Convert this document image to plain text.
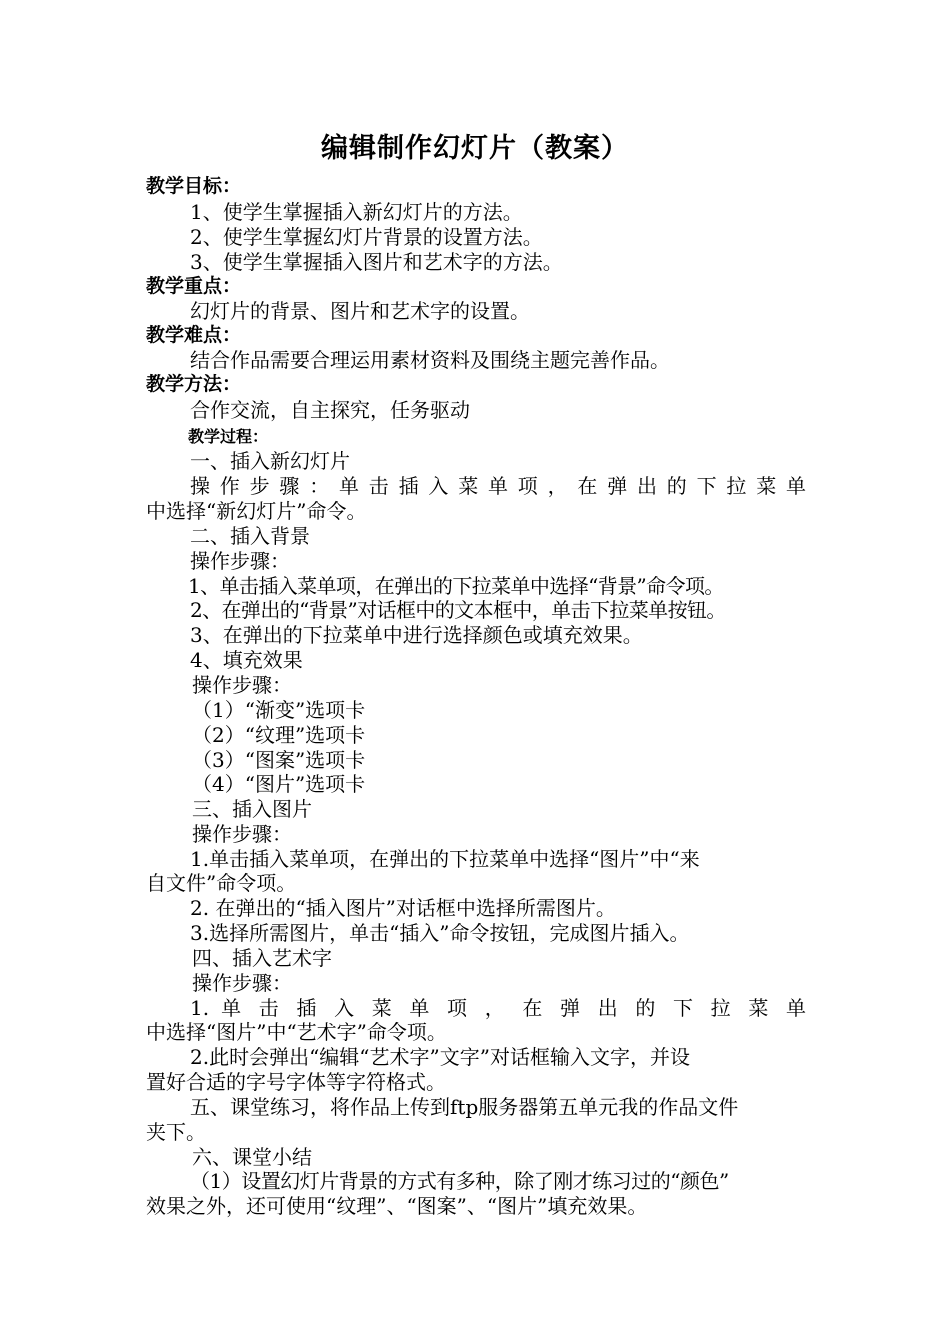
编辑制作幻灯片（教案）
教学目标：
1、使学生掌握插入新幻灯片的方法。
2、使学生掌握幻灯片背景的设置方法。
3、使学生掌握插入图片和艺术字的方法。
教学重点：
幻灯片的背景、图片和艺术字的设置。
教学难点：
结合作品需要合理运用素材资料及围绕主题完善作品。
教学方法：
合作交流，自主探究，任务驱动
教学过程：
一、插入新幻灯片
操 作 步 骤 ： 单 击 插 入 菜 单 项 ， 在 弹 出 的 下 拉 菜 单
中选择“新幻灯片”命令。
二、插入背景
操作步骤：
1、单击插入菜单项，在弹出的下拉菜单中选择“背景”命令项。
2、在弹出的“背景”对话框中的文本框中，单击下拉菜单按钮。
3、在弹出的下拉菜单中进行选择颜色或填充效果。
4、填充效果
操作步骤：
（1）“渐变”选项卡
（2）“纹理”选项卡
（3）“图案”选项卡
（4）“图片”选项卡
三、插入图片
操作步骤：
1.单击插入菜单项，在弹出的下拉菜单中选择“图片”中“来
自文件”命令项。
2. 在弹出的“插入图片”对话框中选择所需图片。
3.选择所需图片，单击“插入”命令按钮，完成图片插入。
四、插入艺术字
操作步骤：
1. 单 击 插 入 菜 单 项 ， 在 弹 出 的 下 拉 菜 单
中选择“图片”中“艺术字”命令项。
2.此时会弹出“编辑“艺术字”文字”对话框输入文字，并设
置好合适的字号字体等字符格式。
五、课堂练习，将作品上传到ftp服务器第五单元我的作品文件
夹下。
六、课堂小结
（1）设置幻灯片背景的方式有多种，除了刚才练习过的“颜色”
效果之外，还可使用“纹理”、“图案”、“图片”填充效果。
